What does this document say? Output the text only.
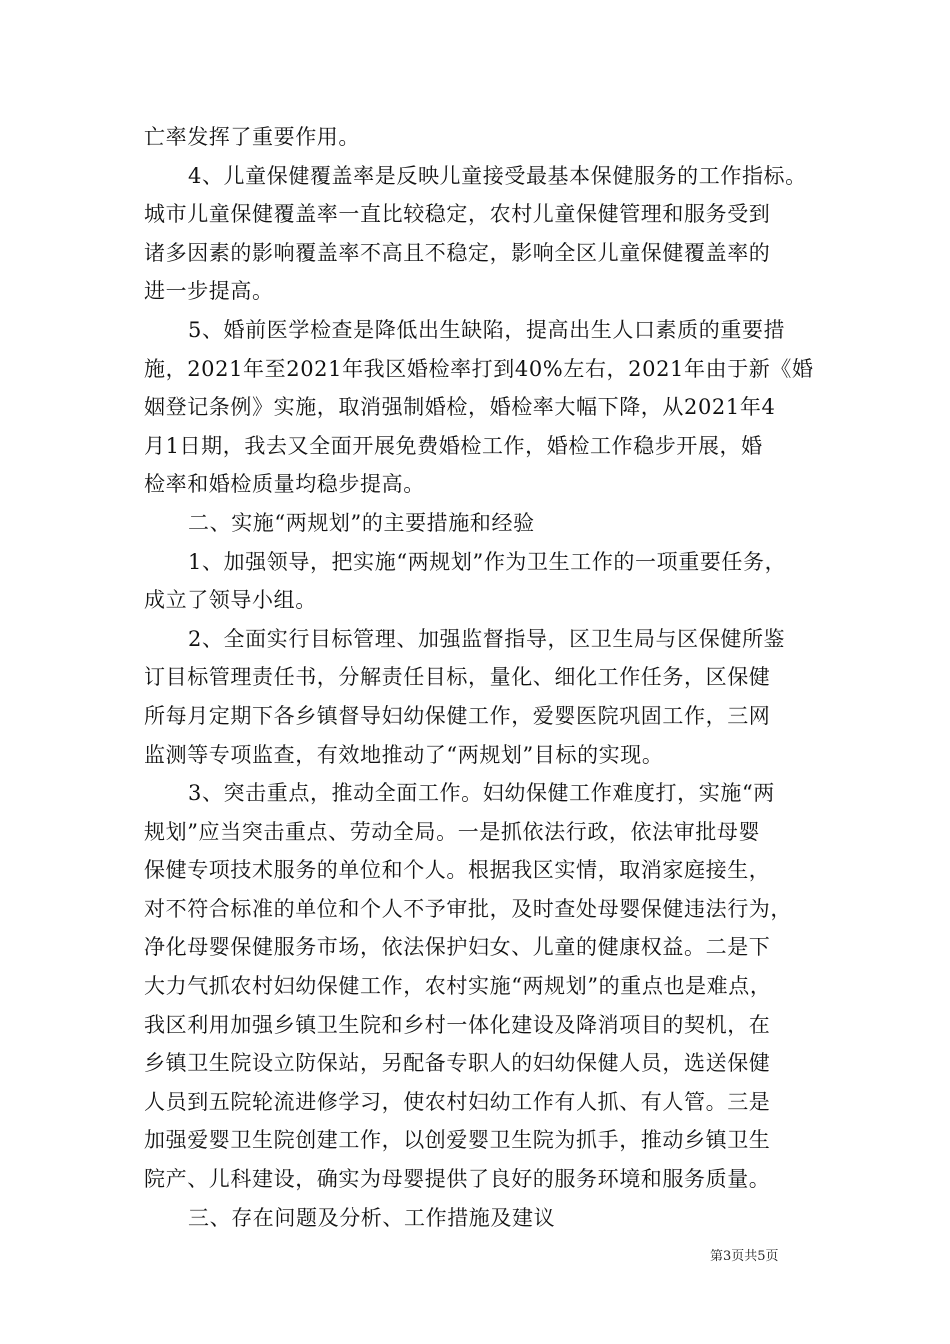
亡率发挥了重要作用。
4、儿童保健覆盖率是反映儿童接受最基本保健服务的工作指标。
城市儿童保健覆盖率一直比较稳定，农村儿童保健管理和服务受到
诸多因素的影响覆盖率不高且不稳定，影响全区儿童保健覆盖率的
进一步提高。
5、婚前医学检查是降低出生缺陷，提高出生人口素质的重要措
施，2021年至2021年我区婚检率打到40%左右，2021年由于新《婚
姻登记条例》实施，取消强制婚检，婚检率大幅下降，从2021年4
月1日期，我去又全面开展免费婚检工作，婚检工作稳步开展，婚
检率和婚检质量均稳步提高。
二、实施“两规划”的主要措施和经验
1、加强领导，把实施“两规划”作为卫生工作的一项重要任务，
成立了领导小组。
2、全面实行目标管理、加强监督指导，区卫生局与区保健所鉴
订目标管理责任书，分解责任目标，量化、细化工作任务，区保健
所每月定期下各乡镇督导妇幼保健工作，爱婴医院巩固工作，三网
监测等专项监查，有效地推动了“两规划”目标的实现。
3、突击重点，推动全面工作。妇幼保健工作难度打，实施“两
规划”应当突击重点、劳动全局。一是抓依法行政，依法审批母婴
保健专项技术服务的单位和个人。根据我区实情，取消家庭接生，
对不符合标准的单位和个人不予审批，及时查处母婴保健违法行为，
净化母婴保健服务市场，依法保护妇女、儿童的健康权益。二是下
大力气抓农村妇幼保健工作，农村实施“两规划”的重点也是难点，
我区利用加强乡镇卫生院和乡村一体化建设及降消项目的契机，在
乡镇卫生院设立防保站，另配备专职人的妇幼保健人员，选送保健
人员到五院轮流进修学习，使农村妇幼工作有人抓、有人管。三是
加强爱婴卫生院创建工作，以创爱婴卫生院为抓手，推动乡镇卫生
院产、儿科建设，确实为母婴提供了良好的服务环境和服务质量。
三、存在问题及分析、工作措施及建议
第3页共5页
